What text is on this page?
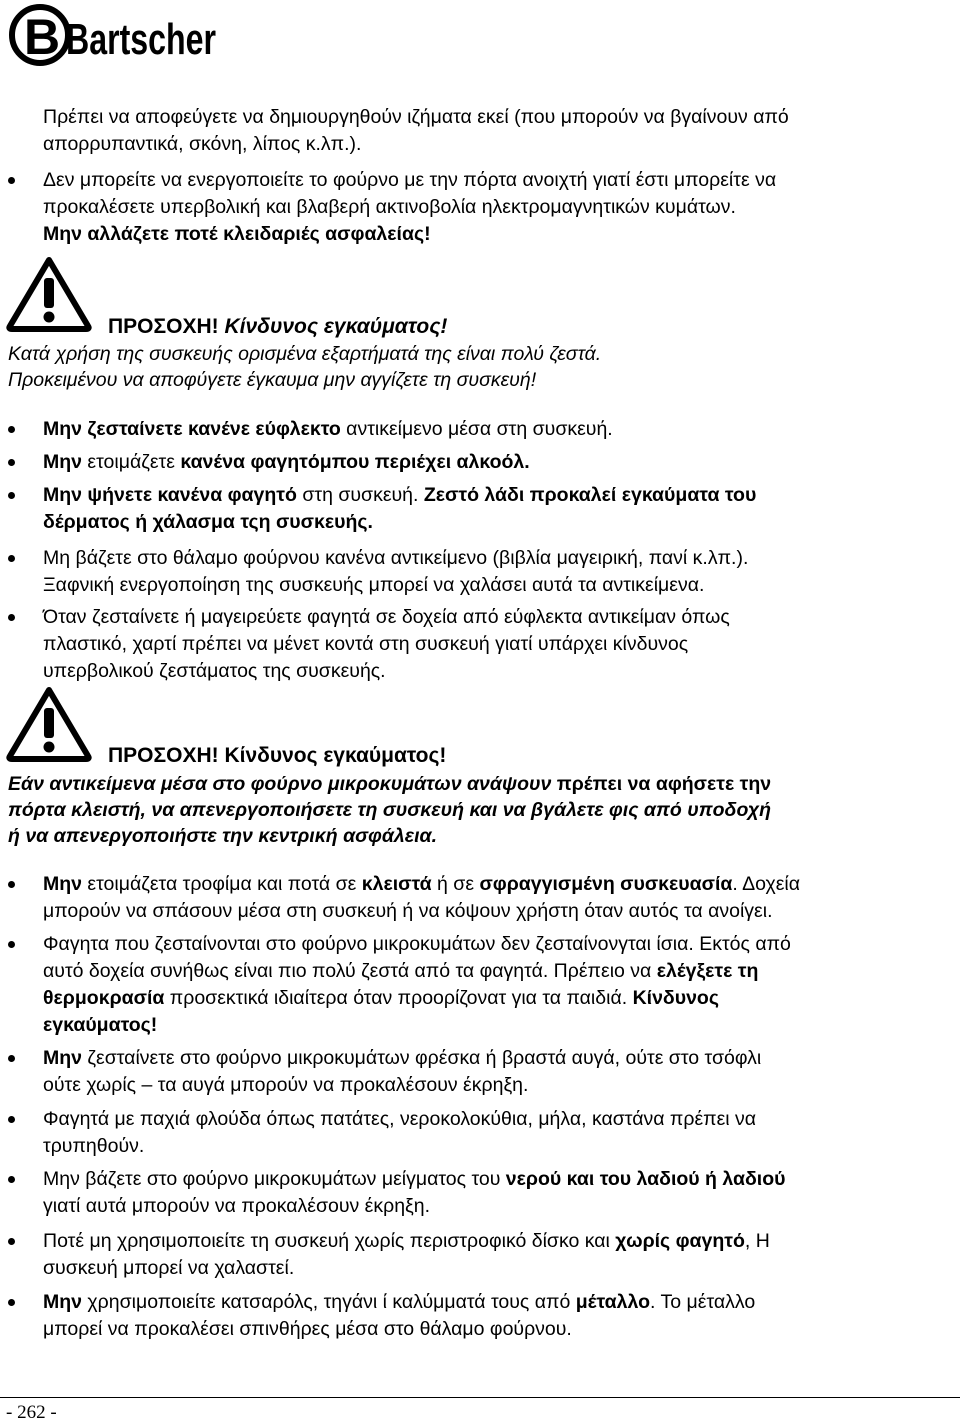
B Bartscher
Πρέπει να αποφεύγετε να δημιουργηθούν ιζήματα εκεί (που μπορούν να βγαίνουν από
απορρυπαντικά, σκόνη, λίπος κ.λπ.).
Δεν μπορείτε να ενεργοποιείτε το φούρνο με την πόρτα ανοιχτή γιατί έστι μπορείτε να
προκαλέσετε υπερβολική και βλαβερή ακτινοβολία ηλεκτρομαγνητικών κυμάτων.
Μην αλλάζετε ποτέ κλειδαριές ασφαλείας!
ΠΡΟΣΟΧΗ! Κίνδυνος εγκαύματος!
Κατά χρήση της συσκευής ορισμένα εξαρτήματά της είναι πολύ ζεστά.
Προκειμένου να αποφύγετε έγκαυμα μην αγγίζετε τη συσκευή!
Μην ζεσταίνετε κανένε εύφλεκτο αντικείμενο μέσα στη συσκευή.
Μην ετοιμάζετε κανένα φαγητόμπου περιέχει αλκοόλ.
Μην ψήνετε κανένα φαγητό στη συσκευή. Ζεστό λάδι προκαλεί εγκαύματα του
δέρματος ή χάλασμα τςη συσκευής.
Μη βάζετε στο θάλαμο φούρνου κανένα αντικείμενο (βιβλία μαγειρική, πανί κ.λπ.).
Ξαφνική ενεργοποίηση της συσκευής μπορεί να χαλάσει αυτά τα αντικείμενα.
Όταν ζεσταίνετε ή μαγειρεύετε φαγητά σε δοχεία από εύφλεκτα αντικείμαν όπως
πλαστικό, χαρτί πρέπει να μένετ κοντά στη συσκευή γιατί υπάρχει κίνδυνος
υπερβολικού ζεστάματος της συσκευής.
ΠΡΟΣΟΧΗ! Κίνδυνος εγκαύματος!
Εάν αντικείμενα μέσα στο φούρνο μικροκυμάτων ανάψουν πρέπει να αφήσετε την
πόρτα κλειστή, να απενεργοποιήσετε τη συσκευή και να βγάλετε φις από υποδοχή
ή να απενεργοποιήστε την κεντρική ασφάλεια.
Μην ετοιμάζετα τροφίμα και ποτά σε κλειστά ή σε σφραγγισμένη συσκευασία. Δοχεία
μπορούν να σπάσουν μέσα στη συσκευή ή να κόψουν χρήστη όταν αυτός τα ανοίγει.
Φαγητα που ζεσταίνονται στο φούρνο μικροκυμάτων δεν ζεσταίνονγται ίσια. Εκτός από
αυτό δοχεία συνήθως είναι πιο πολύ ζεστά από τα φαγητά. Πρέπειο να ελέγξετε τη
θερμοκρασία προσεκτικά ιδιαίτερα όταν προορίζονατ για τα παιδιά. Κίνδυνος
εγκαύματος!
Μην ζεσταίνετε στο φούρνο μικροκυμάτων φρέσκα ή βραστά αυγά, ούτε στο τσόφλι
ούτε χωρίς – τα αυγά μπορούν να προκαλέσουν έκρηξη.
Φαγητά με παχιά φλούδα όπως πατάτες, νεροκολοκύθια, μήλα, καστάνα πρέπει να
τρυπηθούν.
Μην βάζετε στο φούρνο μικροκυμάτων μείγματος του νερού και του λαδιού ή λαδιού
γιατί αυτά μπορούν να προκαλέσουν έκρηξη.
Ποτέ μη χρησιμοποιείτε τη συσκευή χωρίς περιστροφικό δίσκο και χωρίς φαγητό, Η
συσκευή μπορεί να χαλαστεί.
Μην χρησιμοποιείτε κατσαρόλς, τηγάνι ί καλύμματά τους από μέταλλο. Το μέταλλο
μπορεί να προκαλέσει σπινθήρες μέσα στο θάλαμο φούρνου.
- 262 -
